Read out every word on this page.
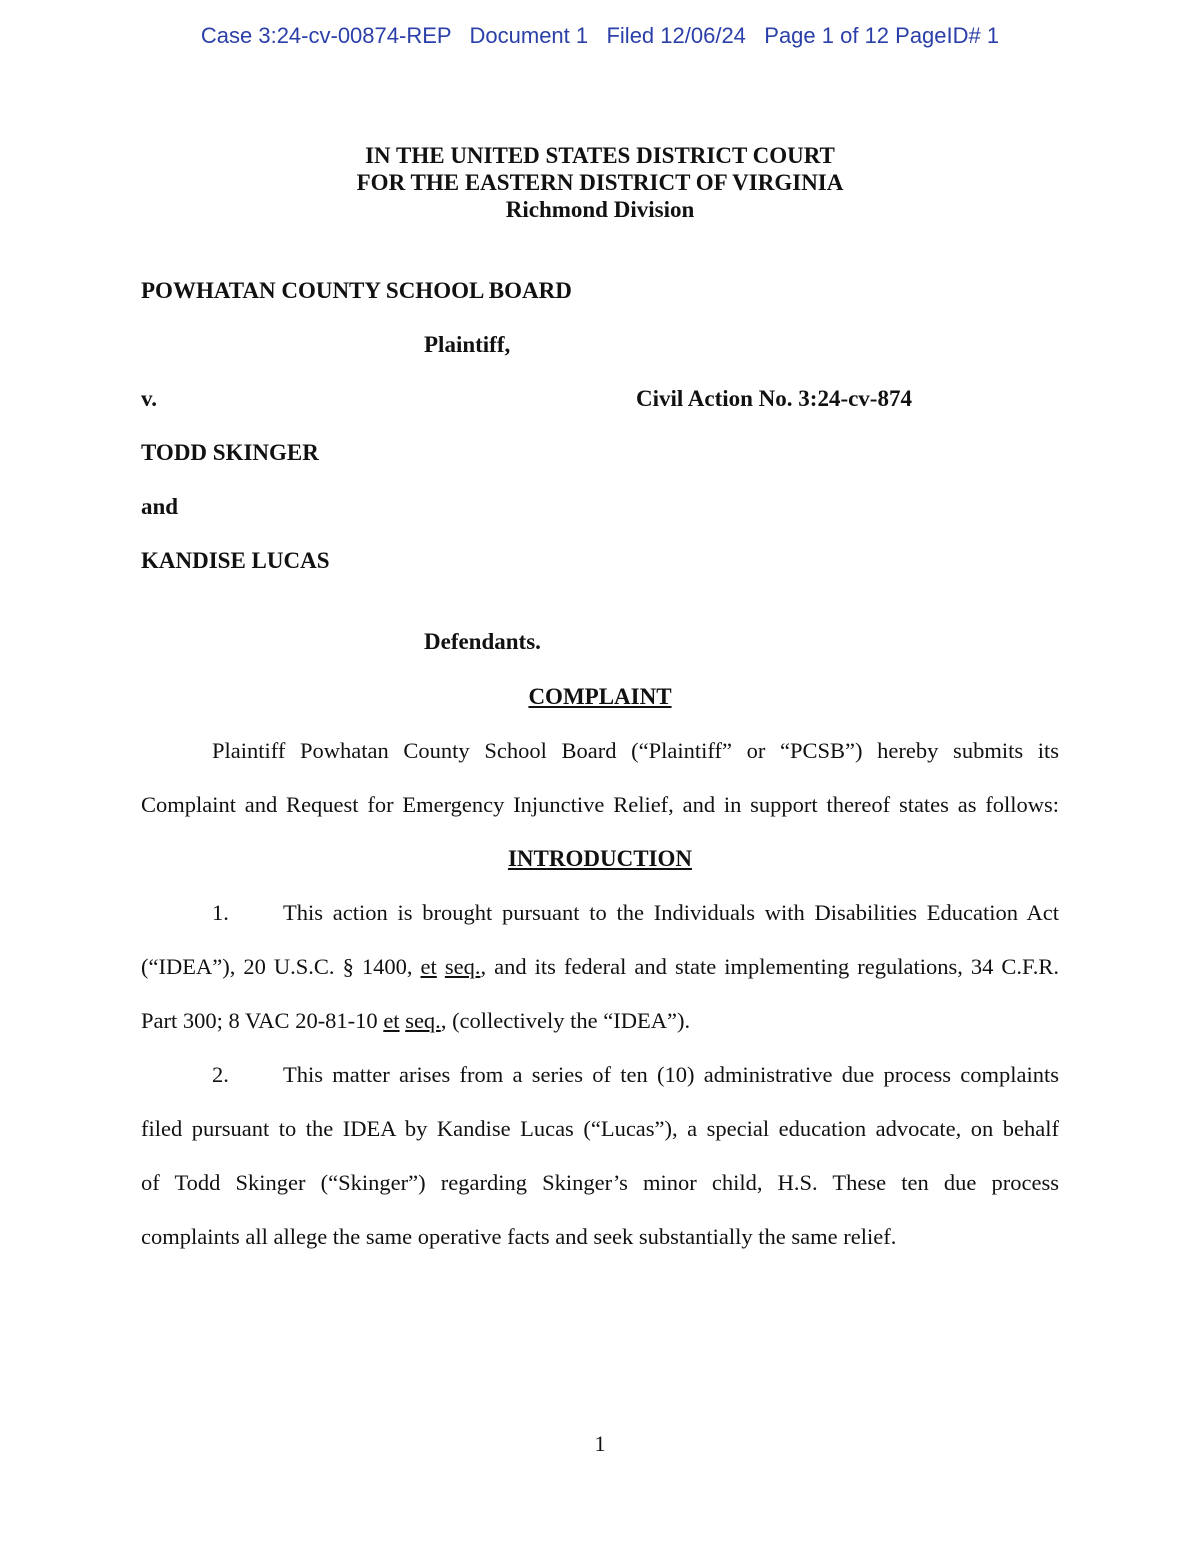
Case 3:24-cv-00874-REP Document 1 Filed 12/06/24 Page 1 of 12 PageID# 1
IN THE UNITED STATES DISTRICT COURT
FOR THE EASTERN DISTRICT OF VIRGINIA
Richmond Division
POWHATAN COUNTY SCHOOL BOARD
Plaintiff,
v.	Civil Action No. 3:24-cv-874
TODD SKINGER
and
KANDISE LUCAS
Defendants.
COMPLAINT
Plaintiff Powhatan County School Board (“Plaintiff” or “PCSB”) hereby submits its
Complaint and Request for Emergency Injunctive Relief, and in support thereof states as follows:
INTRODUCTION
1. This action is brought pursuant to the Individuals with Disabilities Education Act
(“IDEA”), 20 U.S.C. § 1400, et seq., and its federal and state implementing regulations, 34 C.F.R.
Part 300; 8 VAC 20-81-10 et seq., (collectively the “IDEA”).
2. This matter arises from a series of ten (10) administrative due process complaints
filed pursuant to the IDEA by Kandise Lucas (“Lucas”), a special education advocate, on behalf
of Todd Skinger (“Skinger”) regarding Skinger’s minor child, H.S. These ten due process
complaints all allege the same operative facts and seek substantially the same relief.
1
